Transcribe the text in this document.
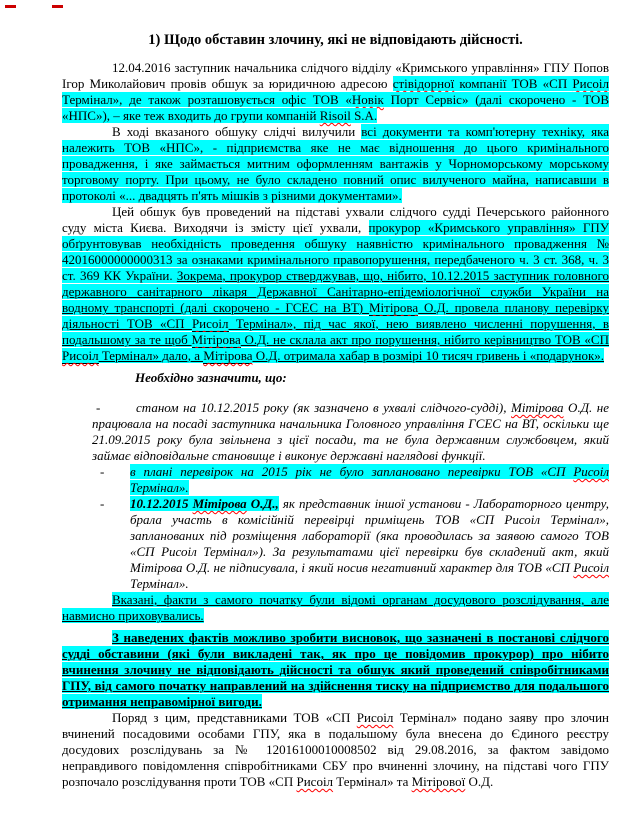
1) Щодо обставин злочину, які не відповідають дійсності.
12.04.2016 заступник начальника слідчого відділу «Кримського управління» ГПУ Попов Ігор Миколайович провів обшук за юридичною адресою стівідорної компанії ТОВ «СП Рисоіл Термінал», де також розташовується офіс ТОВ «Новік Порт Сервіс» (далі скорочено - ТОВ «НПС»), – яке теж входить до групи компаній Risoil S.A.
В ході вказаного обшуку слідчі вилучили всі документи та комп'ютерну техніку, яка належить ТОВ «НПС», - підприємства яке не має відношення до цього кримінального провадження, і яке займається митним оформленням вантажів у Чорноморському морському торговому порту. При цьому, не було складено повний опис вилученого майна, написавши в протоколі «... двадцять п'ять мішків з різними документами».
Цей обшук був проведений на підставі ухвали слідчого судді Печерського районного суду міста Києва. Виходячи із змісту цієї ухвали, прокурор «Кримського управління» ГПУ обґрунтовував необхідність проведення обшуку наявністю кримінального провадження № 42016000000000313 за ознаками кримінального правопорушення, передбаченого ч. 3 ст. 368, ч. 3 ст. 369 КК України. Зокрема, прокурор стверджував, що, нібито, 10.12.2015 заступник головного державного санітарного лікаря Державної Санітарно-епідеміологічної служби України на водному транспорті (далі скорочено - ГСЕС на ВТ) Мітірова О.Д. провела планову перевірку діяльності ТОВ «СП Рисоіл Термінал», під час якої, нею виявлено численні порушення, в подальшому за те щоб Мітірова О.Д. не склала акт про порушення, нібито керівництво ТОВ «СП Рисоіл Термінал» дало, а Мітірова О.Д. отримала хабар в розмірі 10 тисяч гривень і «подарунок».
Необхідно зазначити, що:
-	станом на 10.12.2015 року (як зазначено в ухвалі слідчого-судді), Мітірова О.Д. не працювала на посаді заступника начальника Головного управління ГСЕС на ВТ, оскільки ще 21.09.2015 року була звільнена з цієї посади, та не була державним службовцем, який займає відповідальне становище і виконує державні наглядові функції.
- в плані перевірок на 2015 рік не було заплановано перевірки ТОВ «СП Рисоіл Термінал».
- 10.12.2015 Мітірова О.Д., як представник іншої установи - Лабораторного центру, брала участь в комісійній перевірці приміщень ТОВ «СП Рисоіл Термінал», запланованих під розміщення лабораторії (яка проводилась за заявою самого ТОВ «СП Рисоіл Термінал»). За результатами цієї перевірки був складений акт, який Мітірова О.Д. не підписувала, і який носив негативний характер для ТОВ «СП Рисоіл Термінал».
Вказані, факти з самого початку були відомі органам досудового розслідування, але навмисно приховувались.
З наведених фактів можливо зробити висновок, що зазначені в постанові слідчого судді обставини (які були викладені так, як про це повідомив прокурор) про нібито вчинення злочину не відповідають дійсності та обшук який проведений співробітниками ГПУ, від самого початку направлений на здійснення тиску на підприємство для подальшого отримання неправомірної вигоди.
Поряд з цим, представниками ТОВ «СП Рисоіл Термінал» подано заяву про злочин вчинений посадовими особами ГПУ, яка в подальшому була внесена до Єдиного реєстру досудових розслідувань за № 12016100010008502 від 29.08.2016, за фактом завідомо неправдивого повідомлення співробітниками СБУ про вчиненні злочину, на підставі чого ГПУ розпочало розслідування проти ТОВ «СП Рисоіл Термінал» та Мітірової О.Д.
